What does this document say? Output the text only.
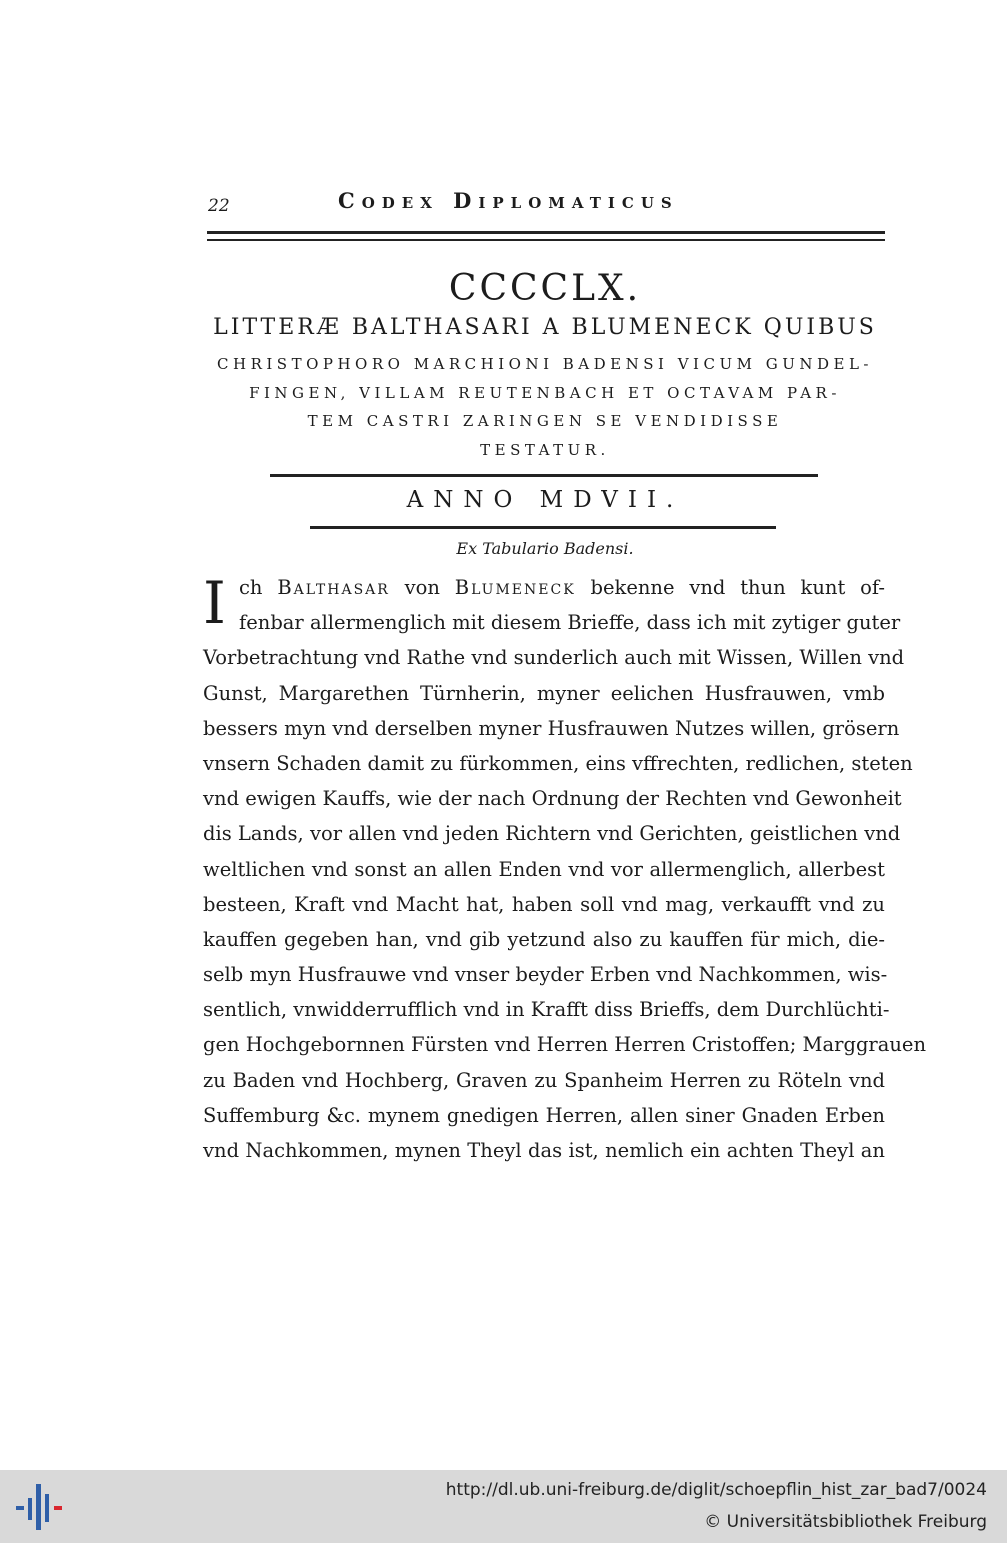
22	Codex Diplomaticus
CCCCLX.
LITTERÆ BALTHASARI A BLUMENECK QUIBUS
CHRISTOPHORO MARCHIONI BADENSI VICUM GUNDEL-
FINGEN, VILLAM REUTENBACH ET OCTAVAM PAR-
TEM CASTRI ZARINGEN SE VENDIDISSE
TESTATUR.
ANNO MDVII.
Ex Tabulario Badensi.
I ch Balthasar von Blumeneck bekenne vnd thun kunt of-
fenbar allermenglich mit diesem Brieffe, dass ich mit zytiger guter
Vorbetrachtung vnd Rathe vnd sunderlich auch mit Wissen, Willen vnd
Gunst, Margarethen Türnherin, myner eelichen Husfrauwen, vmb
bessers myn vnd derselben myner Husfrauwen Nutzes willen, grösern
vnsern Schaden damit zu fürkommen, eins vffrechten, redlichen, steten
vnd ewigen Kauffs, wie der nach Ordnung der Rechten vnd Gewonheit
dis Lands, vor allen vnd jeden Richtern vnd Gerichten, geistlichen vnd
weltlichen vnd sonst an allen Enden vnd vor allermenglich, allerbest
besteen, Kraft vnd Macht hat, haben soll vnd mag, verkaufft vnd zu
kauffen gegeben han, vnd gib yetzund also zu kauffen für mich, die-
selb myn Husfrauwe vnd vnser beyder Erben vnd Nachkommen, wis-
sentlich, vnwidderrufflich vnd in Krafft diss Brieffs, dem Durchlüchti-
gen Hochgebornnen Fürsten vnd Herren Herren Cristoffen; Marggrauen
zu Baden vnd Hochberg, Graven zu Spanheim Herren zu Röteln vnd
Suffemburg &c. mynem gnedigen Herren, allen siner Gnaden Erben
vnd Nachkommen, mynen Theyl das ist, nemlich ein achten Theyl an
http://dl.ub.uni-freiburg.de/diglit/schoepflin_hist_zar_bad7/0024
© Universitätsbibliothek Freiburg
